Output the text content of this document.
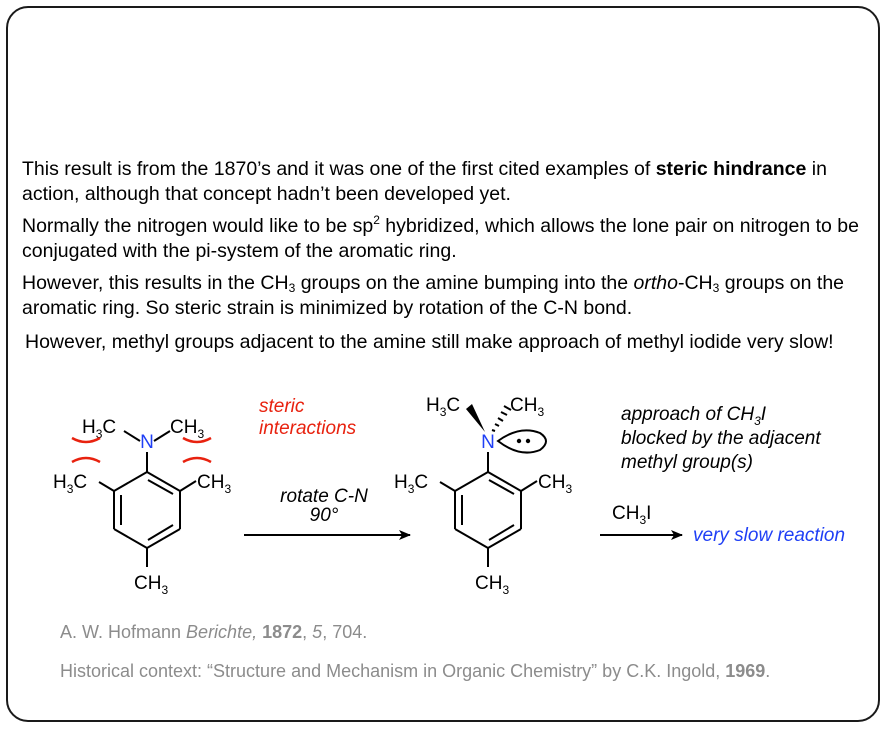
This result is from the 1870’s and it was one of the first cited examples of steric hindrance in action, although that concept hadn’t been developed yet.

Normally the nitrogen would like to be $sp^2$ hybridized, which allows the lone pair on nitrogen to be conjugated with the pi-system of the aromatic ring.

However, this results in the $CH_3$ groups on the amine bumping into the ortho-$CH_3$ groups on the aromatic ring. So steric strain is minimized by rotation of the C-N bond.

However, methyl groups adjacent to the amine still make approach of methyl iodide very slow!

N
$H_3C$	$CH_3$
$H_3C$	$CH_3$
$CH_3$
steric
interactions
rotate C-N
90°
N
$H_3C$	$CH_3$
$H_3C$	$CH_3$
$CH_3$
approach of $CH_3I$
blocked by the adjacent
methyl group(s)
$CH_3I$
very slow reaction
A. W. Hofmann Berichte, 1872, 5, 704.
Historical context: “Structure and Mechanism in Organic Chemistry” by C.K. Ingold, 1969.
